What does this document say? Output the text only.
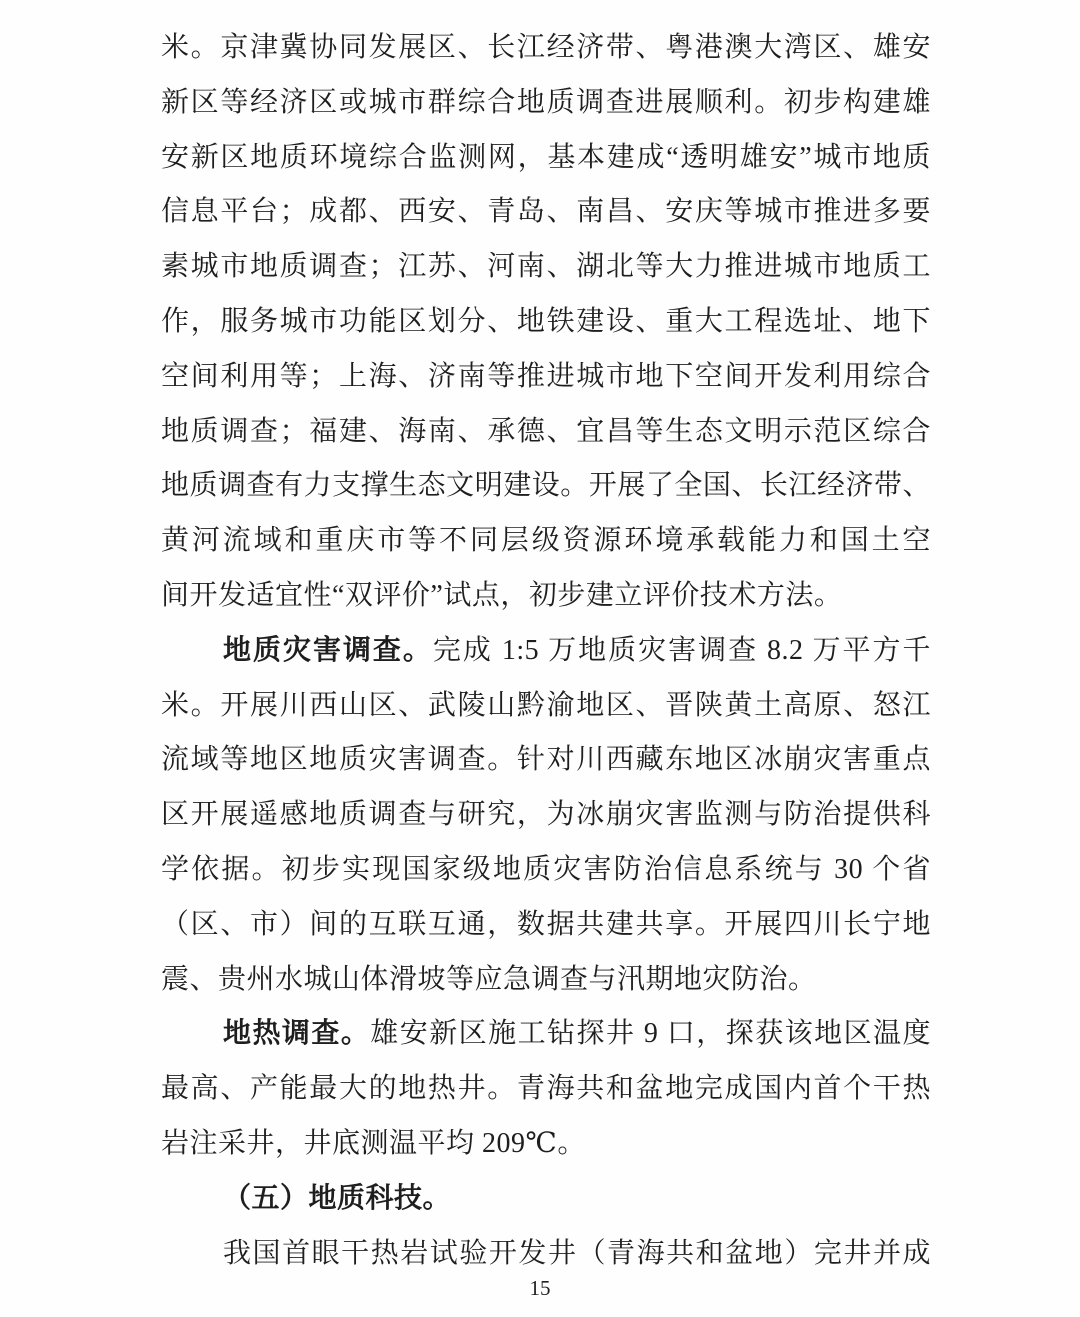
米。京津冀协同发展区、长江经济带、粤港澳大湾区、雄安
新区等经济区或城市群综合地质调查进展顺利。初步构建雄
安新区地质环境综合监测网，基本建成“透明雄安”城市地质
信息平台；成都、西安、青岛、南昌、安庆等城市推进多要
素城市地质调查；江苏、河南、湖北等大力推进城市地质工
作，服务城市功能区划分、地铁建设、重大工程选址、地下
空间利用等；上海、济南等推进城市地下空间开发利用综合
地质调查；福建、海南、承德、宜昌等生态文明示范区综合
地质调查有力支撑生态文明建设。开展了全国、长江经济带、
黄河流域和重庆市等不同层级资源环境承载能力和国土空
间开发适宜性“双评价”试点，初步建立评价技术方法。
地质灾害调查。完成 1:5 万地质灾害调查 8.2 万平方千
米。开展川西山区、武陵山黔渝地区、晋陕黄土高原、怒江
流域等地区地质灾害调查。针对川西藏东地区冰崩灾害重点
区开展遥感地质调查与研究，为冰崩灾害监测与防治提供科
学依据。初步实现国家级地质灾害防治信息系统与 30 个省
（区、市）间的互联互通，数据共建共享。开展四川长宁地
震、贵州水城山体滑坡等应急调查与汛期地灾防治。
地热调查。雄安新区施工钻探井 9 口，探获该地区温度
最高、产能最大的地热井。青海共和盆地完成国内首个干热
岩注采井，井底测温平均 209℃。
（五）地质科技。
我国首眼干热岩试验开发井（青海共和盆地）完井并成
15
